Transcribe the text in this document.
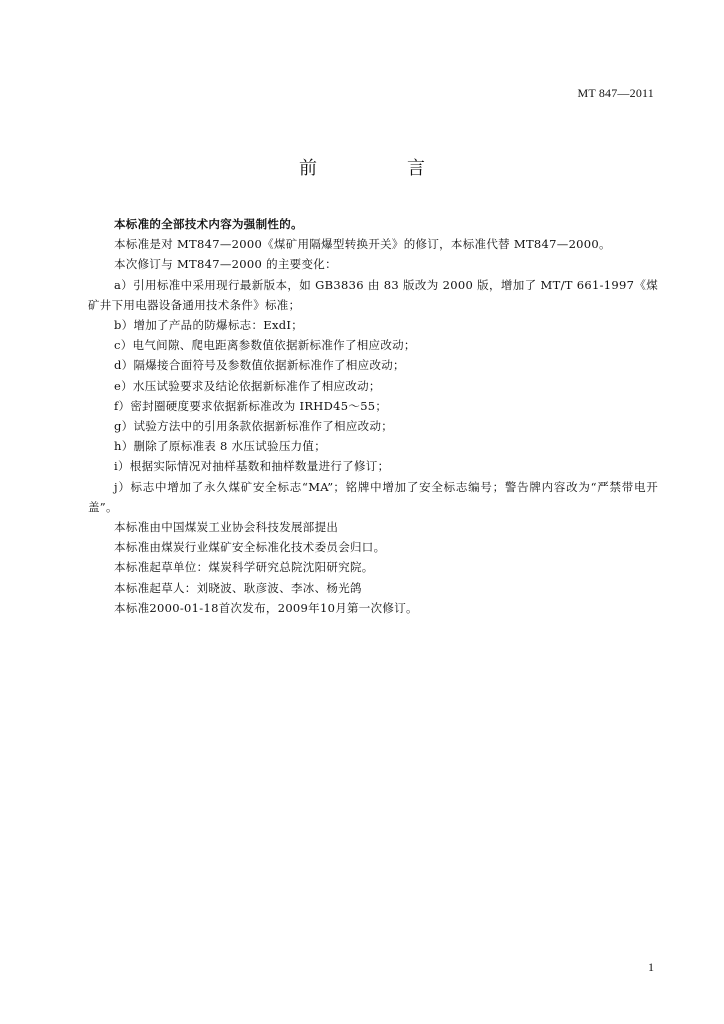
MT 847—2011
前　言

本标准的全部技术内容为强制性的。

本标准是对 MT847—2000《煤矿用隔爆型转换开关》的修订，本标准代替 MT847—2000。

本次修订与 MT847—2000 的主要变化：

a）引用标准中采用现行最新版本，如 GB3836 由 83 版改为 2000 版，增加了 MT/T 661-1997《煤矿井下用电器设备通用技术条件》标准；

b）增加了产品的防爆标志：ExdI；

c）电气间隙、爬电距离参数值依据新标准作了相应改动；

d）隔爆接合面符号及参数值依据新标准作了相应改动；

e）水压试验要求及结论依据新标准作了相应改动；

f）密封圈硬度要求依据新标准改为 IRHD45～55；

g）试验方法中的引用条款依据新标准作了相应改动；

h）删除了原标准表 8 水压试验压力值；

i）根据实际情况对抽样基数和抽样数量进行了修订；

j）标志中增加了永久煤矿安全标志“MA”；铭牌中增加了安全标志编号；警告牌内容改为“严禁带电开盖”。

本标准由中国煤炭工业协会科技发展部提出

本标准由煤炭行业煤矿安全标准化技术委员会归口。

本标准起草单位：煤炭科学研究总院沈阳研究院。

本标准起草人：刘晓波、耿彦波、李冰、杨光鸽

本标准2000-01-18首次发布，2009年10月第一次修订。

1
